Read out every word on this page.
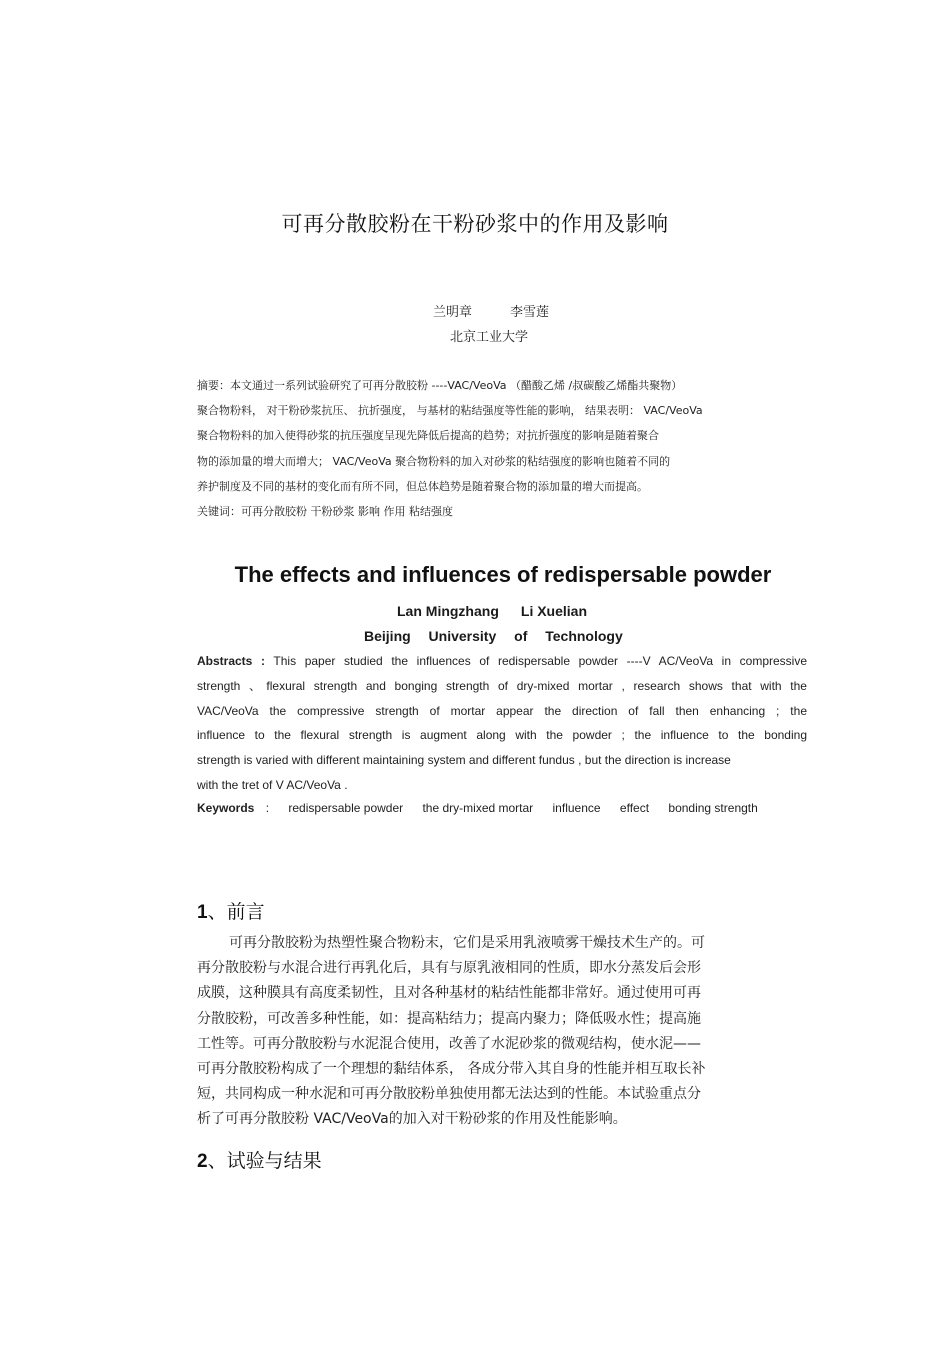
可再分散胶粉在干粉砂浆中的作用及影响
兰明章	李雪莲
北京工业大学
摘要：本文通过一系列试验研究了可再分散胶粉 ----VAC/VeoVa （醋酸乙烯 /叔碳酸乙烯酯共聚物）
聚合物粉料， 对干粉砂浆抗压、 抗折强度， 与基材的粘结强度等性能的影响， 结果表明： VAC/VeoVa
聚合物粉料的加入使得砂浆的抗压强度呈现先降低后提高的趋势；对抗折强度的影响是随着聚合
物的添加量的增大而增大； VAC/VeoVa 聚合物粉料的加入对砂浆的粘结强度的影响也随着不同的
养护制度及不同的基材的变化而有所不同，但总体趋势是随着聚合物的添加量的增大而提高。
关键词：可再分散胶粉 干粉砂浆 影响 作用 粘结强度
The effects and influences of redispersable powder
Lan Mingzhang Li Xuelian
Beijing University of Technology
Abstracts : This paper studied the influences of redispersable powder ----V AC/VeoVa in compressive
strength 、flexural strength and bonging strength of dry-mixed mortar , research shows that with the
VAC/VeoVa the compressive strength of mortar appear the direction of fall then enhancing ; the
influence to the flexural strength is augment along with the powder ; the influence to the bonding
strength is varied with different maintaining system and different fundus , but the direction is increase
with the tret of V AC/VeoVa .
Keywords : redispersable powder the dry-mixed mortar influence effect bonding strength
1、前言
可再分散胶粉为热塑性聚合物粉末，它们是采用乳液喷雾干燥技术生产的。可
再分散胶粉与水混合进行再乳化后，具有与原乳液相同的性质，即水分蒸发后会形
成膜，这种膜具有高度柔韧性，且对各种基材的粘结性能都非常好。通过使用可再
分散胶粉，可改善多种性能，如：提高粘结力；提高内聚力；降低吸水性；提高施
工性等。可再分散胶粉与水泥混合使用，改善了水泥砂浆的微观结构，使水泥——
可再分散胶粉构成了一个理想的黏结体系， 各成分带入其自身的性能并相互取长补
短，共同构成一种水泥和可再分散胶粉单独使用都无法达到的性能。本试验重点分
析了可再分散胶粉 VAC/VeoVa的加入对干粉砂浆的作用及性能影响。
2、试验与结果
